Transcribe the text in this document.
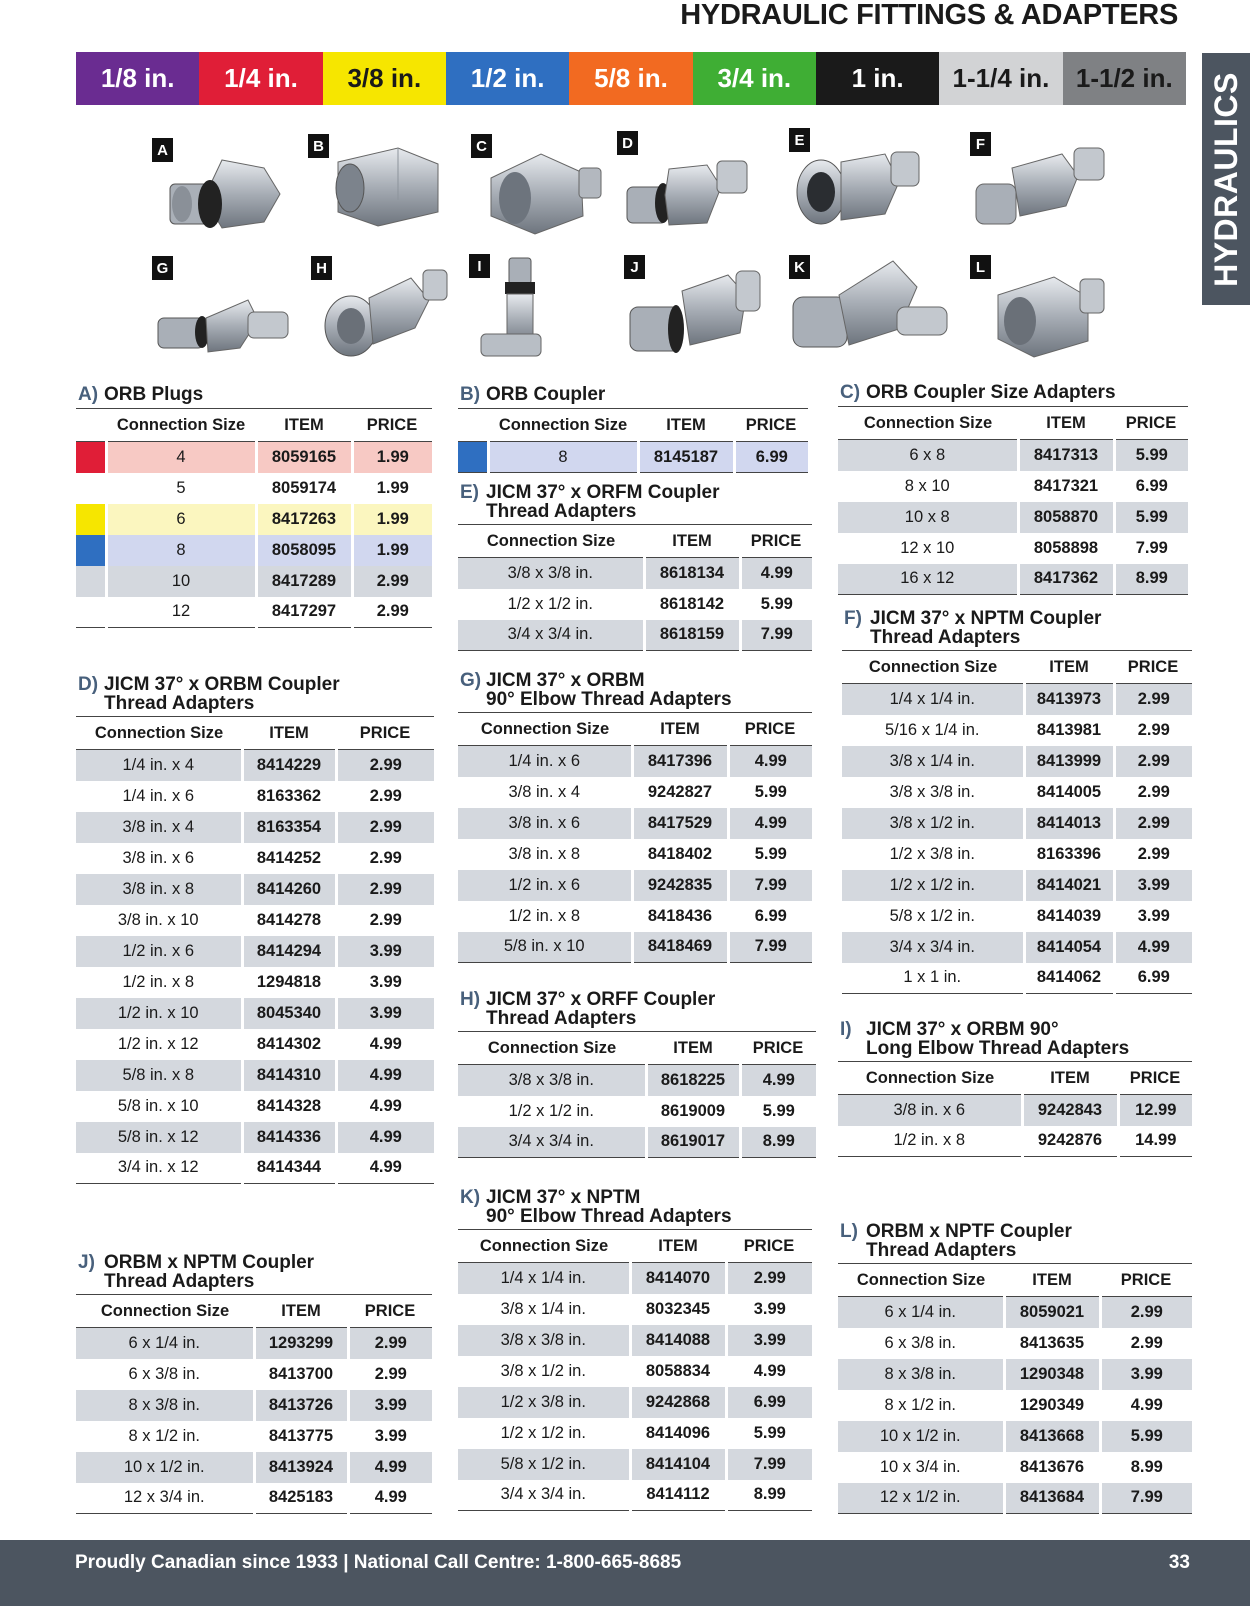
HYDRAULIC FITTINGS & ADAPTERS
1/8 in.	1/4 in.	3/8 in.	1/2 in.	5/8 in.	3/4 in.	1 in.	1-1/4 in.	1-1/2 in.	HYDRAULICS
A	B	C	D	E	F
G	H	I	J	K	L
A) ORB Plugs
	Connection Size	ITEM	PRICE
	4	8059165	1.99
	5	8059174	1.99
	6	8417263	1.99
	8	8058095	1.99
	10	8417289	2.99
	12	8417297	2.99
B) ORB Coupler
	Connection Size	ITEM	PRICE
	8	8145187	6.99
C) ORB Coupler Size Adapters
Connection Size	ITEM	PRICE
6 x 8	8417313	5.99
8 x 10	8417321	6.99
10 x 8	8058870	5.99
12 x 10	8058898	7.99
16 x 12	8417362	8.99
D) JICM 37° x ORBM Coupler
Thread Adapters
Connection Size	ITEM	PRICE
1/4 in. x 4	8414229	2.99
1/4 in. x 6	8163362	2.99
3/8 in. x 4	8163354	2.99
3/8 in. x 6	8414252	2.99
3/8 in. x 8	8414260	2.99
3/8 in. x 10	8414278	2.99
1/2 in. x 6	8414294	3.99
1/2 in. x 8	1294818	3.99
1/2 in. x 10	8045340	3.99
1/2 in. x 12	8414302	4.99
5/8 in. x 8	8414310	4.99
5/8 in. x 10	8414328	4.99
5/8 in. x 12	8414336	4.99
3/4 in. x 12	8414344	4.99
E) JICM 37° x ORFM Coupler
Thread Adapters
Connection Size	ITEM	PRICE
3/8 x 3/8 in.	8618134	4.99
1/2 x 1/2 in.	8618142	5.99
3/4 x 3/4 in.	8618159	7.99
F) JICM 37° x NPTM Coupler
Thread Adapters
Connection Size	ITEM	PRICE
1/4 x 1/4 in.	8413973	2.99
5/16 x 1/4 in.	8413981	2.99
3/8 x 1/4 in.	8413999	2.99
3/8 x 3/8 in.	8414005	2.99
3/8 x 1/2 in.	8414013	2.99
1/2 x 3/8 in.	8163396	2.99
1/2 x 1/2 in.	8414021	3.99
5/8 x 1/2 in.	8414039	3.99
3/4 x 3/4 in.	8414054	4.99
1 x 1 in.	8414062	6.99
G) JICM 37° x ORBM
90° Elbow Thread Adapters
Connection Size	ITEM	PRICE
1/4 in. x 6	8417396	4.99
3/8 in. x 4	9242827	5.99
3/8 in. x 6	8417529	4.99
3/8 in. x 8	8418402	5.99
1/2 in. x 6	9242835	7.99
1/2 in. x 8	8418436	6.99
5/8 in. x 10	8418469	7.99
H) JICM 37° x ORFF Coupler
Thread Adapters
Connection Size	ITEM	PRICE
3/8 x 3/8 in.	8618225	4.99
1/2 x 1/2 in.	8619009	5.99
3/4 x 3/4 in.	8619017	8.99
I) JICM 37° x ORBM 90°
Long Elbow Thread Adapters
Connection Size	ITEM	PRICE
3/8 in. x 6	9242843	12.99
1/2 in. x 8	9242876	14.99
J) ORBM x NPTM Coupler
Thread Adapters
Connection Size	ITEM	PRICE
6 x 1/4 in.	1293299	2.99
6 x 3/8 in.	8413700	2.99
8 x 3/8 in.	8413726	3.99
8 x 1/2 in.	8413775	3.99
10 x 1/2 in.	8413924	4.99
12 x 3/4 in.	8425183	4.99
K) JICM 37° x NPTM
90° Elbow Thread Adapters
Connection Size	ITEM	PRICE
1/4 x 1/4 in.	8414070	2.99
3/8 x 1/4 in.	8032345	3.99
3/8 x 3/8 in.	8414088	3.99
3/8 x 1/2 in.	8058834	4.99
1/2 x 3/8 in.	9242868	6.99
1/2 x 1/2 in.	8414096	5.99
5/8 x 1/2 in.	8414104	7.99
3/4 x 3/4 in.	8414112	8.99
L) ORBM x NPTF Coupler
Thread Adapters
Connection Size	ITEM	PRICE
6 x 1/4 in.	8059021	2.99
6 x 3/8 in.	8413635	2.99
8 x 3/8 in.	1290348	3.99
8 x 1/2 in.	1290349	4.99
10 x 1/2 in.	8413668	5.99
10 x 3/4 in.	8413676	8.99
12 x 1/2 in.	8413684	7.99
Proudly Canadian since 1933 | National Call Centre: 1-800-665-8685	33
